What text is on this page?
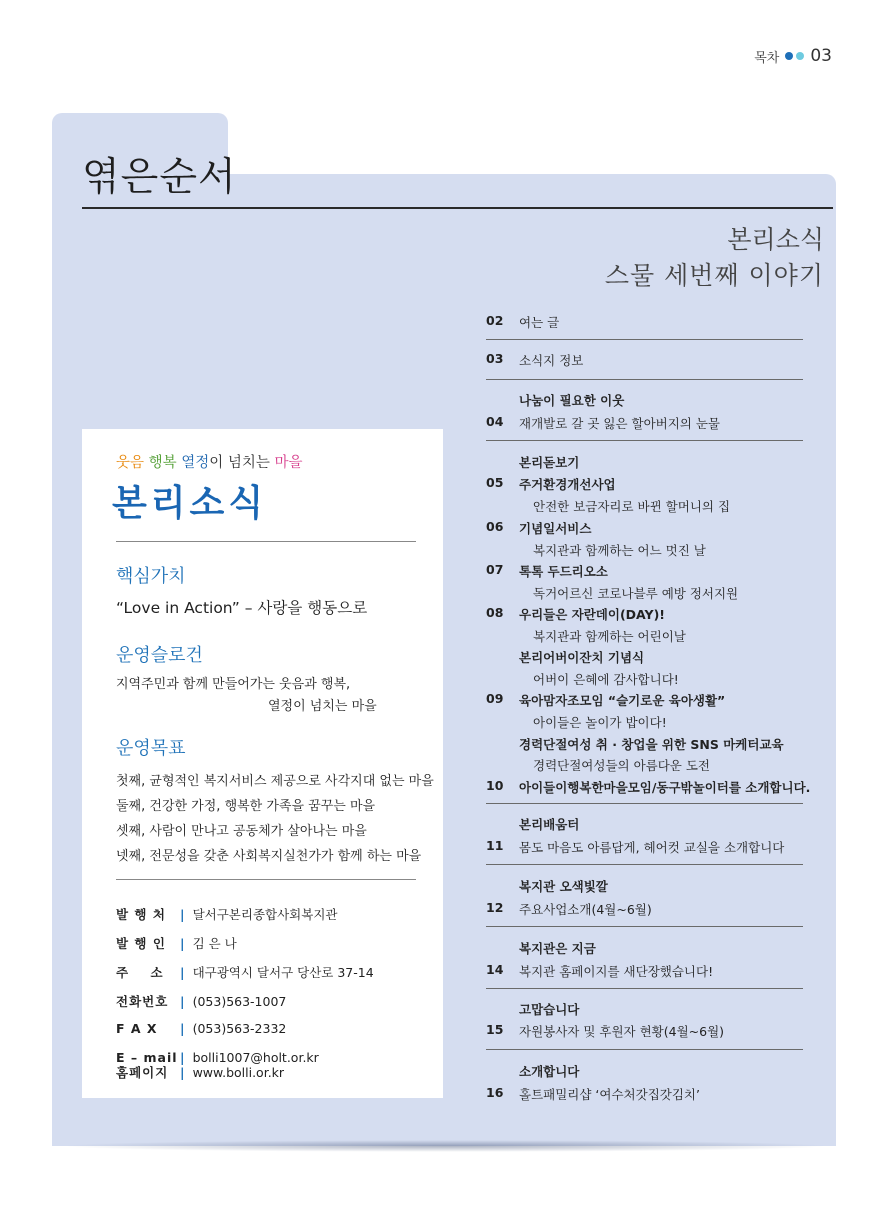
목차 03
엮은순서
본리소식
스물 세번째 이야기
웃음 행복 열정이 넘치는 마을
본리소식
핵심가치
“Love in Action” – 사랑을 행동으로
운영슬로건
지역주민과 함께 만들어가는 웃음과 행복,
열정이 넘치는 마을
운영목표
첫째, 균형적인 복지서비스 제공으로 사각지대 없는 마을
둘째, 건강한 가정, 행복한 가족을 꿈꾸는 마을
셋째, 사람이 만나고 공동체가 살아나는 마을
넷째, 전문성을 갖춘 사회복지실천가가 함께 하는 마을
발 행 처	| 달서구본리종합사회복지관
발 행 인	| 김 은 나
주    소	| 대구광역시 달서구 당산로 37-14
전화번호 | (053)563-1007
F A X	| (053)563-2332
E – mail | bolli1007@holt.or.kr
홈페이지 | www.bolli.or.kr
02 여는 글
03 소식지 정보
나눔이 필요한 이웃
04 재개발로 갈 곳 잃은 할아버지의 눈물
본리돋보기
05 주거환경개선사업
안전한 보금자리로 바뀐 할머니의 집
06 기념일서비스
복지관과 함께하는 어느 멋진 날
07 톡톡 두드리오소
독거어르신 코로나블루 예방 정서지원
08 우리들은 자란데이(DAY)!
복지관과 함께하는 어린이날
본리어버이잔치 기념식
어버이 은혜에 감사합니다!
09 육아맘자조모임 “슬기로운 육아생활”
아이들은 놀이가 밥이다!
경력단절여성 취 · 창업을 위한 SNS 마케터교육
경력단절여성들의 아름다운 도전
10 아이들이행복한마을모임/동구밖놀이터를 소개합니다.
본리배움터
11 몸도 마음도 아름답게, 헤어컷 교실을 소개합니다
복지관 오색빛깔
12 주요사업소개(4월~6월)
복지관은 지금
14 복지관 홈페이지를 새단장했습니다!
고맙습니다
15 자원봉사자 및 후원자 현황(4월~6월)
소개합니다
16 홀트패밀리샵 ‘여수처갓집갓김치’
